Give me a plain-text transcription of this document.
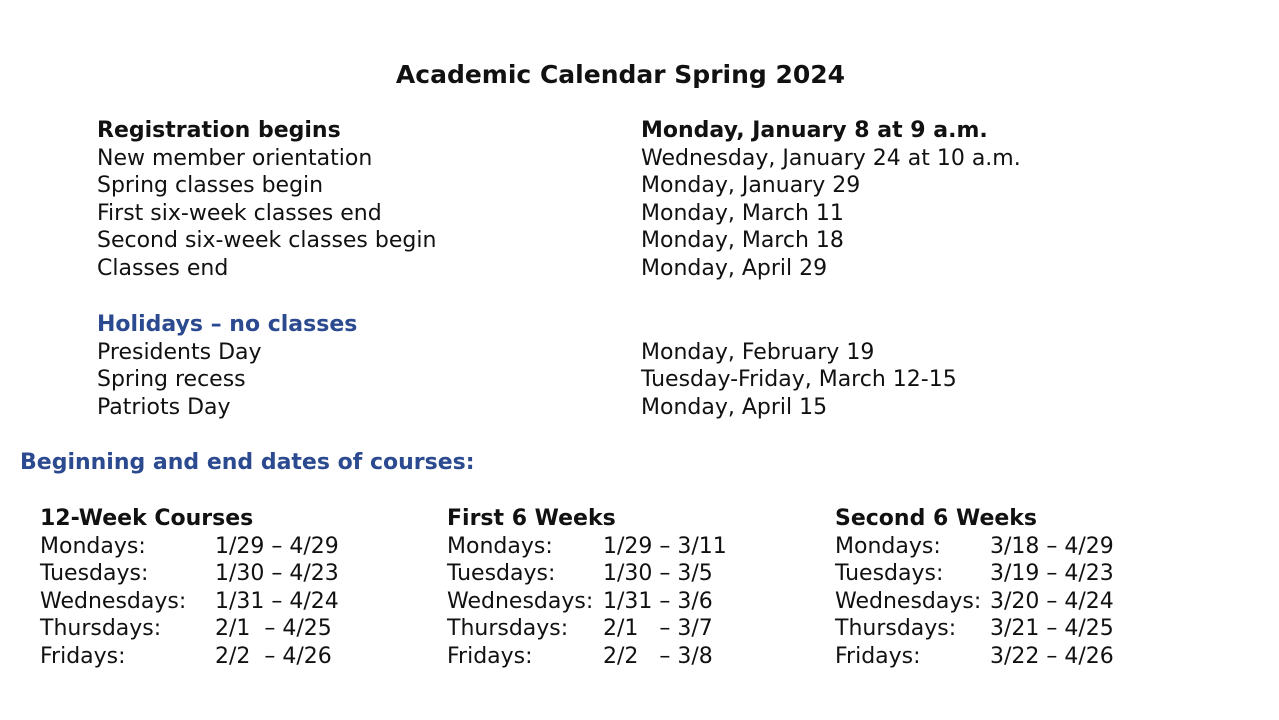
Academic Calendar Spring 2024
Registration begins	Monday, January 8 at 9 a.m.
New member orientation	Wednesday, January 24 at 10 a.m.
Spring classes begin	Monday, January 29
First six-week classes end	Monday, March 11
Second six-week classes begin	Monday, March 18
Classes end	Monday, April 29
Holidays – no classes
Presidents Day	Monday, February 19
Spring recess	Tuesday-Friday, March 12-15
Patriots Day	Monday, April 15
Beginning and end dates of courses:
12-Week Courses
Mondays:	1/29 – 4/29
Tuesdays:	1/30 – 4/23
Wednesdays:	1/31 – 4/24
Thursdays:	2/1  – 4/25
Fridays:	2/2  – 4/26
First 6 Weeks
Mondays:	1/29 – 3/11
Tuesdays:	1/30 – 3/5
Wednesdays: 1/31 – 3/6
Thursdays:	2/1   – 3/7
Fridays:	2/2   – 3/8
Second 6 Weeks
Mondays:	3/18 – 4/29
Tuesdays:	3/19 – 4/23
Wednesdays: 3/20 – 4/24
Thursdays:	3/21 – 4/25
Fridays:	3/22 – 4/26
